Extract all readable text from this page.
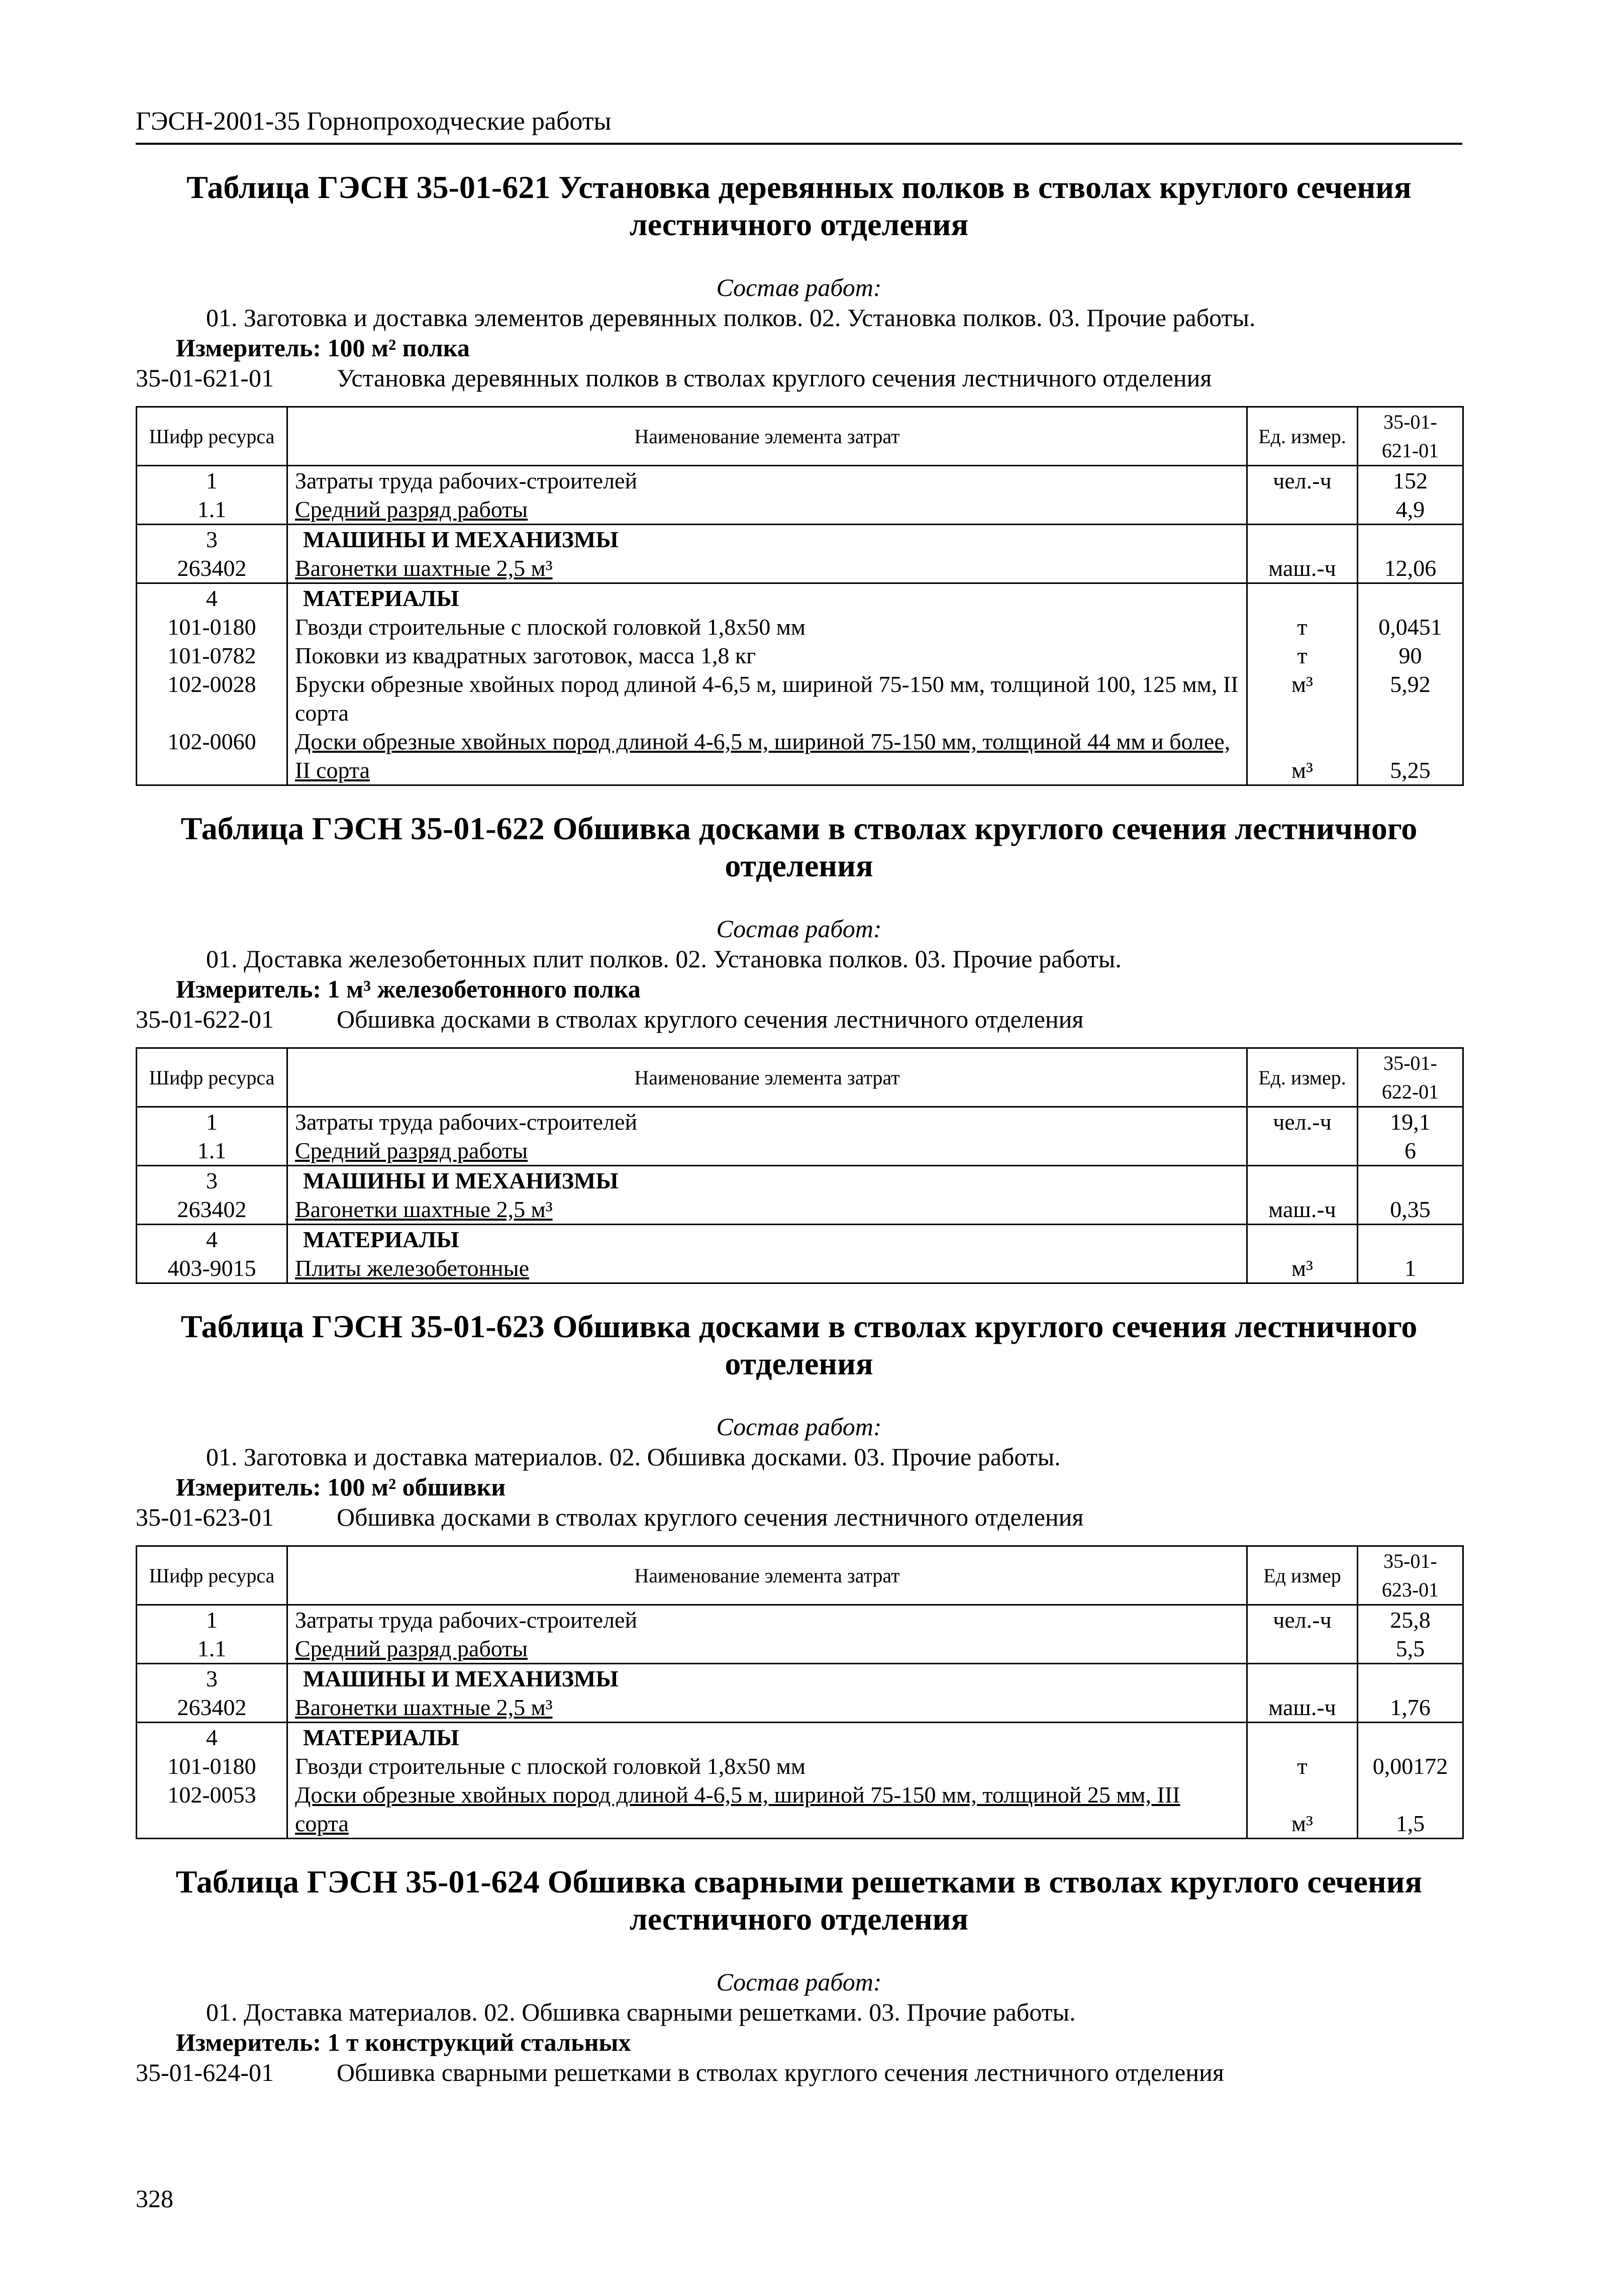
ГЭСН-2001-35 Горнопроходческие работы
Таблица ГЭСН 35-01-621 Установка деревянных полков в стволах круглого сечения
лестничного отделения
Состав работ:
01. Заготовка и доставка элементов деревянных полков. 02. Установка полков. 03. Прочие работы.
Измеритель: 100 м² полка
35-01-621-01	Установка деревянных полков в стволах круглого сечения лестничного отделения
Шифр ресурса	Наименование элемента затрат	Ед. измер.	35-01-621-01
1	Затраты труда рабочих-строителей	чел.-ч	152
1.1	Средний разряд работы		4,9
3	МАШИНЫ И МЕХАНИЗМЫ		
263402	Вагонетки шахтные 2,5 м³	маш.-ч	12,06
4	МАТЕРИАЛЫ		
101-0180	Гвозди строительные с плоской головкой 1,8x50 мм	т	0,0451
101-0782	Поковки из квадратных заготовок, масса 1,8 кг	т	90
102-0028	Бруски обрезные хвойных пород длиной 4-6,5 м, шириной 75-150 мм, толщиной 100, 125 мм, II сорта	м³	5,92
102-0060	Доски обрезные хвойных пород длиной 4-6,5 м, шириной 75-150 мм, толщиной 44 мм и более, II сорта	м³	5,25
Таблица ГЭСН 35-01-622 Обшивка досками в стволах круглого сечения лестничного
отделения
Состав работ:
01. Доставка железобетонных плит полков. 02. Установка полков. 03. Прочие работы.
Измеритель: 1 м³ железобетонного полка
35-01-622-01	Обшивка досками в стволах круглого сечения лестничного отделения
Шифр ресурса	Наименование элемента затрат	Ед. измер.	35-01-622-01
1	Затраты труда рабочих-строителей	чел.-ч	19,1
1.1	Средний разряд работы		6
3	МАШИНЫ И МЕХАНИЗМЫ		
263402	Вагонетки шахтные 2,5 м³	маш.-ч	0,35
4	МАТЕРИАЛЫ		
403-9015	Плиты железобетонные	м³	1
Таблица ГЭСН 35-01-623 Обшивка досками в стволах круглого сечения лестничного
отделения
Состав работ:
01. Заготовка и доставка материалов. 02. Обшивка досками. 03. Прочие работы.
Измеритель: 100 м² обшивки
35-01-623-01	Обшивка досками в стволах круглого сечения лестничного отделения
Шифр ресурса	Наименование элемента затрат	Ед измер	35-01-623-01
1	Затраты труда рабочих-строителей	чел.-ч	25,8
1.1	Средний разряд работы		5,5
3	МАШИНЫ И МЕХАНИЗМЫ		
263402	Вагонетки шахтные 2,5 м³	маш.-ч	1,76
4	МАТЕРИАЛЫ		
101-0180	Гвозди строительные с плоской головкой 1,8x50 мм	т	0,00172
102-0053	Доски обрезные хвойных пород длиной 4-6,5 м, шириной 75-150 мм, толщиной 25 мм, III сорта	м³	1,5
Таблица ГЭСН 35-01-624 Обшивка сварными решетками в стволах круглого сечения
лестничного отделения
Состав работ:
01. Доставка материалов. 02. Обшивка сварными решетками. 03. Прочие работы.
Измеритель: 1 т конструкций стальных
35-01-624-01	Обшивка сварными решетками в стволах круглого сечения лестничного отделения
328
